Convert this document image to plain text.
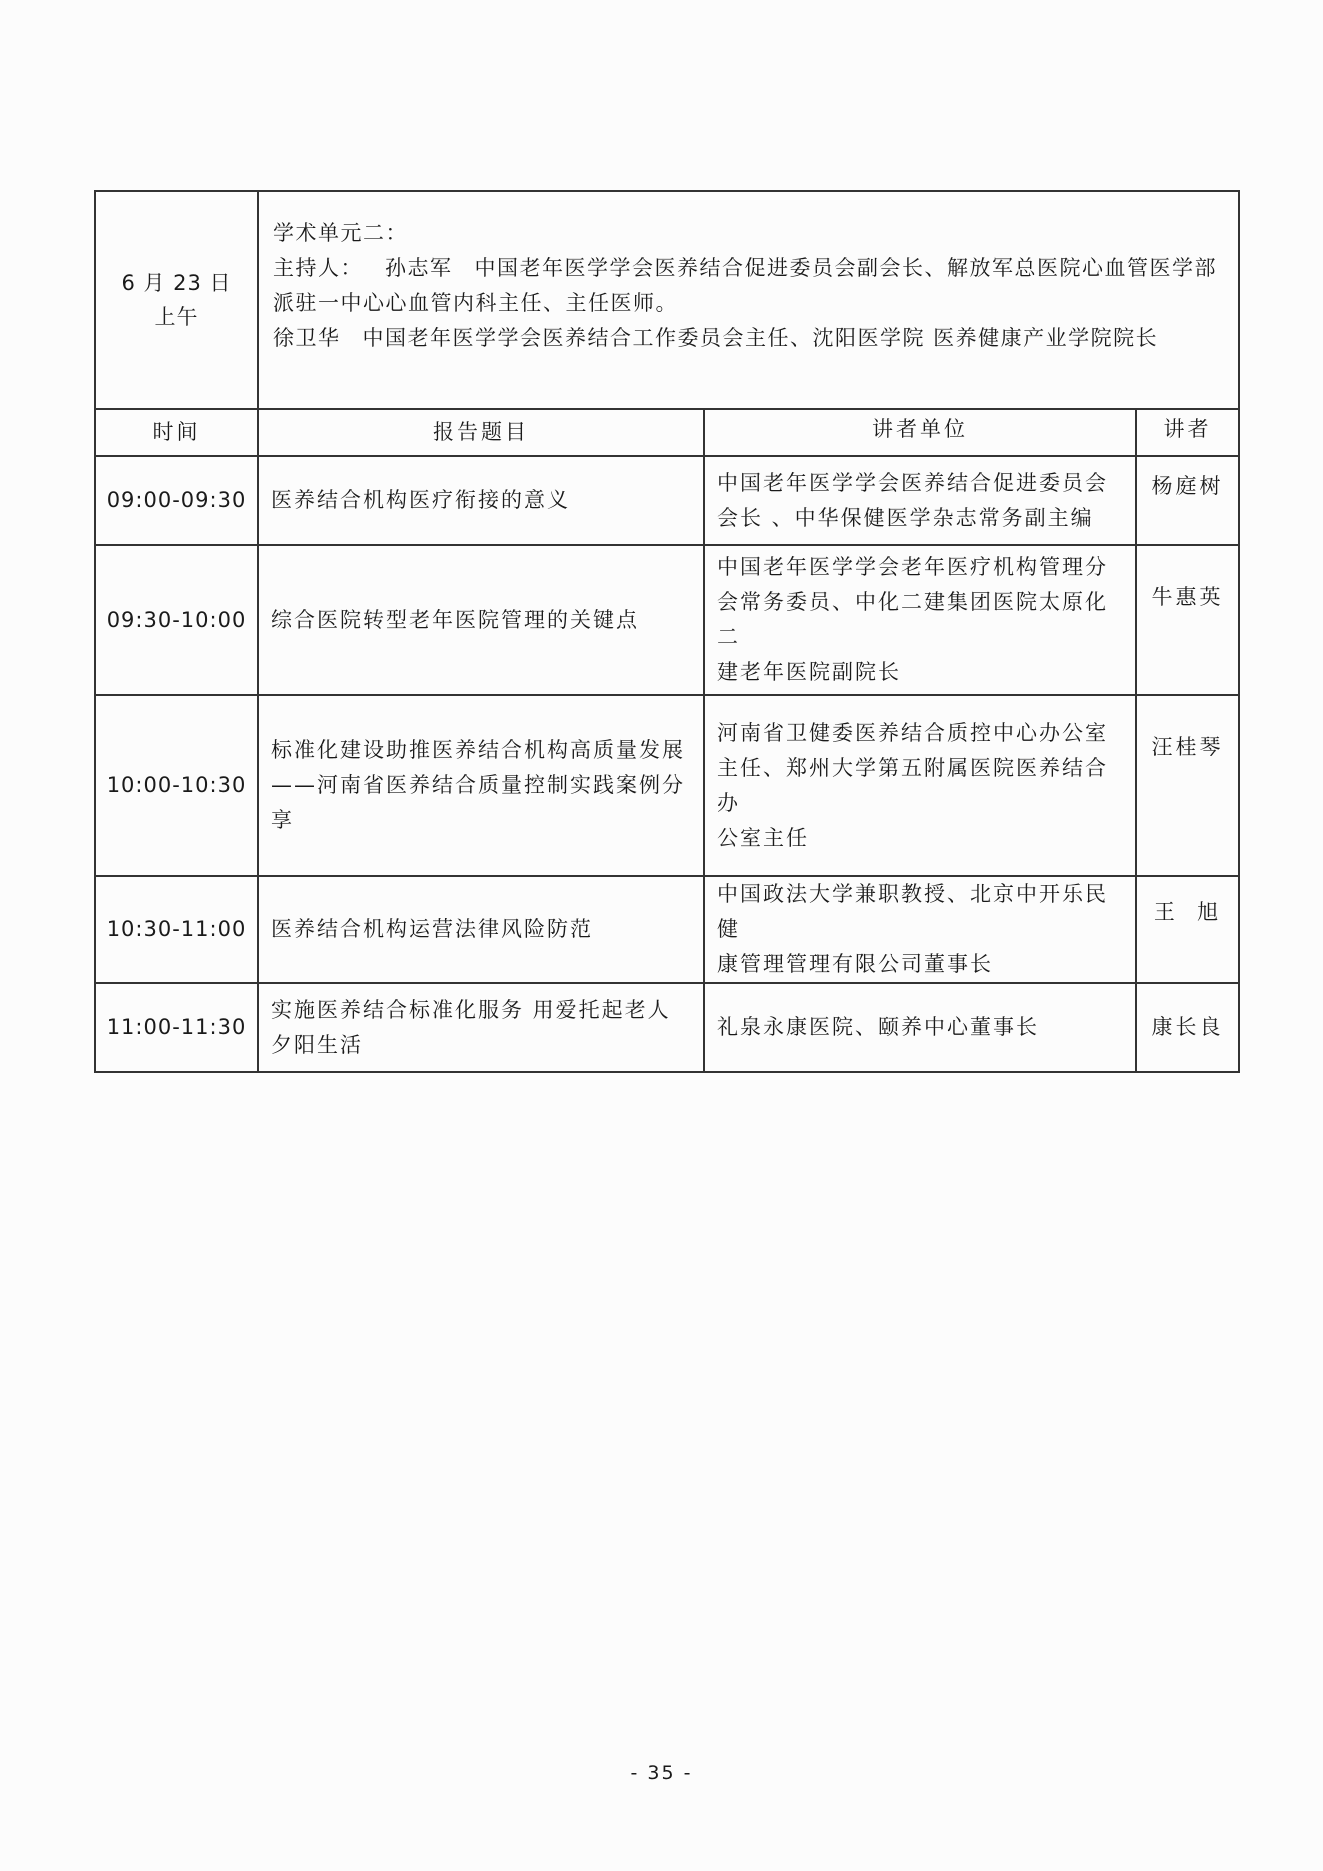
6 月 23 日
上午	学术单元二：
主持人： 孙志军 中国老年医学学会医养结合促进委员会副会长、解放军总医院心血管医学部
派驻一中心心血管内科主任、主任医师。
徐卫华 中国老年医学学会医养结合工作委员会主任、沈阳医学院 医养健康产业学院院长		

时间	报告题目	讲者单位	讲者
09:00-09:30	医养结合机构医疗衔接的意义	中国老年医学学会医养结合促进委员会
会长 、中华保健医学杂志常务副主编	杨庭树
09:30-10:00	综合医院转型老年医院管理的关键点	中国老年医学学会老年医疗机构管理分
会常务委员、中化二建集团医院太原化二
建老年医院副院长	牛惠英
10:00-10:30	标准化建设助推医养结合机构高质量发展
——河南省医养结合质量控制实践案例分
享	河南省卫健委医养结合质控中心办公室
主任、郑州大学第五附属医院医养结合办
公室主任	汪桂琴
10:30-11:00	医养结合机构运营法律风险防范	中国政法大学兼职教授、北京中开乐民健
康管理管理有限公司董事长	王  旭
11:00-11:30	实施医养结合标准化服务 用爱托起老人
夕阳生活	礼泉永康医院、颐养中心董事长	康长良
- 35 -
